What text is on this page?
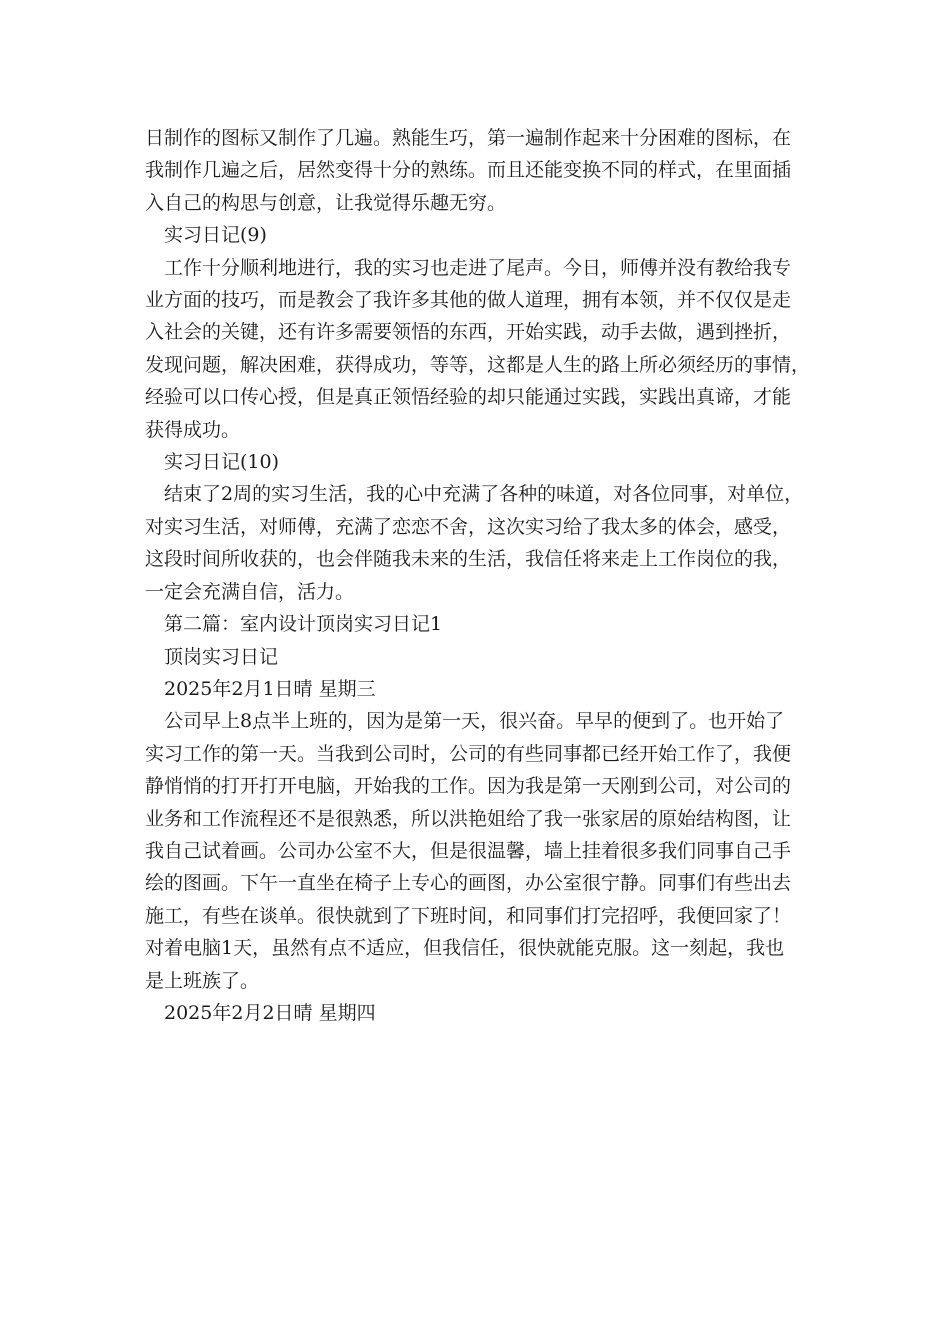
日制作的图标又制作了几遍。熟能生巧，第一遍制作起来十分困难的图标，在

我制作几遍之后，居然变得十分的熟练。而且还能变换不同的样式，在里面插

入自己的构思与创意，让我觉得乐趣无穷。

实习日记(9)

工作十分顺利地进行，我的实习也走进了尾声。今日，师傅并没有教给我专

业方面的技巧，而是教会了我许多其他的做人道理，拥有本领，并不仅仅是走

入社会的关键，还有许多需要领悟的东西，开始实践，动手去做，遇到挫折，

发现问题，解决困难，获得成功，等等，这都是人生的路上所必须经历的事情，

经验可以口传心授，但是真正领悟经验的却只能通过实践，实践出真谛，才能

获得成功。

实习日记(10)

结束了2周的实习生活，我的心中充满了各种的味道，对各位同事，对单位，

对实习生活，对师傅，充满了恋恋不舍，这次实习给了我太多的体会，感受，

这段时间所收获的，也会伴随我未来的生活，我信任将来走上工作岗位的我，

一定会充满自信，活力。

第二篇：室内设计顶岗实习日记1

顶岗实习日记

2025年2月1日晴 星期三

公司早上8点半上班的，因为是第一天，很兴奋。早早的便到了。也开始了

实习工作的第一天。当我到公司时，公司的有些同事都已经开始工作了，我便

静悄悄的打开打开电脑，开始我的工作。因为我是第一天刚到公司，对公司的

业务和工作流程还不是很熟悉，所以洪艳姐给了我一张家居的原始结构图，让

我自己试着画。公司办公室不大，但是很温馨，墙上挂着很多我们同事自己手

绘的图画。下午一直坐在椅子上专心的画图，办公室很宁静。同事们有些出去

施工，有些在谈单。很快就到了下班时间，和同事们打完招呼，我便回家了！

对着电脑1天，虽然有点不适应，但我信任，很快就能克服。这一刻起，我也

是上班族了。

2025年2月2日晴 星期四
